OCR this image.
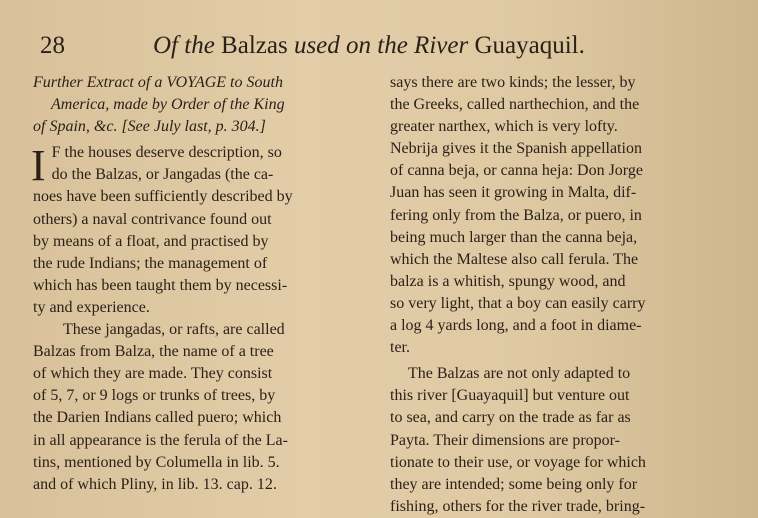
28	Of the Balzas used on the River Guayaquil.
Further Extract of a VOYAGE to South
America, made by Order of the King
of Spain, &c. [See July last, p. 304.]
I F the houses deserve description, so
do the Balzas, or Jangadas (the ca-
noes have been sufficiently described by
others) a naval contrivance found out
by means of a float, and practised by
the rude Indians; the management of
which has been taught them by necessi-
ty and experience.
These jangadas, or rafts, are called
Balzas from Balza, the name of a tree
of which they are made. They consist
of 5, 7, or 9 logs or trunks of trees, by
the Darien Indians called puero; which
in all appearance is the ferula of the La-
tins, mentioned by Columella in lib. 5.
and of which Pliny, in lib. 13. cap. 12.
says there are two kinds; the lesser, by
the Greeks, called narthechion, and the
greater narthex, which is very lofty.
Nebrija gives it the Spanish appellation
of canna beja, or canna heja: Don Jorge
Juan has seen it growing in Malta, dif-
fering only from the Balza, or puero, in
being much larger than the canna beja,
which the Maltese also call ferula. The
balza is a whitish, spungy wood, and
so very light, that a boy can easily carry
a log 4 yards long, and a foot in diame-
ter.
The Balzas are not only adapted to
this river [Guayaquil] but venture out
to sea, and carry on the trade as far as
Payta. Their dimensions are propor-
tionate to their use, or voyage for which
they are intended; some being only for
fishing, others for the river trade, bring-
